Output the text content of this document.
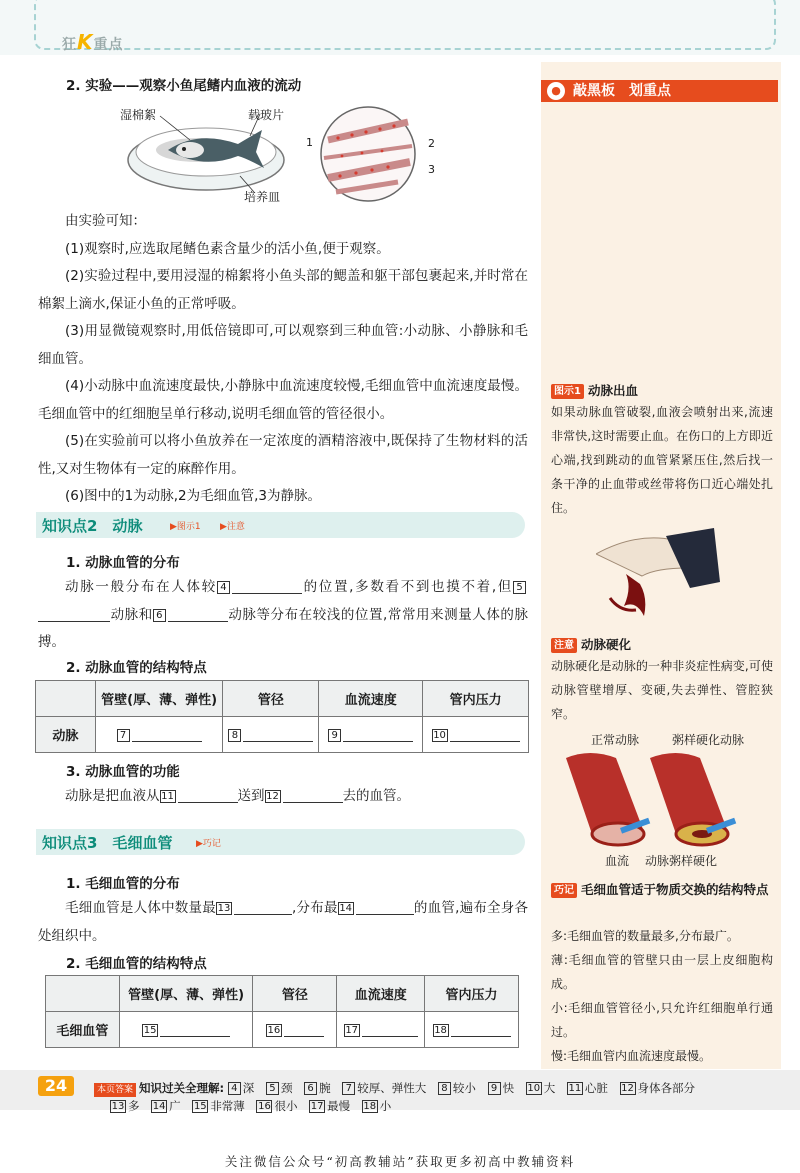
狂K重点
2. 实验——观察小鱼尾鳍内血液的流动
湿棉絮	载玻片
培养皿
1	2
3
由实验可知：
(1)观察时,应选取尾鳍色素含量少的活小鱼,便于观察。
(2)实验过程中,要用浸湿的棉絮将小鱼头部的鳃盖和躯干部包裹起来,并时常在棉絮上滴水,保证小鱼的正常呼吸。
(3)用显微镜观察时,用低倍镜即可,可以观察到三种血管:小动脉、小静脉和毛细血管。
(4)小动脉中血流速度最快,小静脉中血流速度较慢,毛细血管中血流速度最慢。毛细血管中的红细胞呈单行移动,说明毛细血管的管径很小。
(5)在实验前可以将小鱼放养在一定浓度的酒精溶液中,既保持了生物材料的活性,又对生物体有一定的麻醉作用。
(6)图中的1为动脉,2为毛细血管,3为静脉。
知识点2　动脉	▶图示1 ▶注意
1. 动脉血管的分布
动脉一般分布在人体较 4	的位置,多数看不到也摸不着,但 5动脉和 6	动脉等分布在较浅的位置,常常用来测量人体的脉搏。
2. 动脉血管的结构特点
	管壁(厚、薄、弹性)	管径	血流速度	管内压力
动脉	7	8	9	10
3. 动脉血管的功能
动脉是把血液从 11	送到 12	去的血管。
知识点3　毛细血管	▶巧记
1. 毛细血管的分布
毛细血管是人体中数量最 13	,分布最 14	的血管,遍布全身各处组织中。
2. 毛细血管的结构特点
	管壁(厚、薄、弹性)	管径	血流速度	管内压力
毛细血管	15	16	17	18
● 敲黑板　划重点
图示1 动脉出血
如果动脉血管破裂,血液会喷射出来,流速非常快,这时需要止血。在伤口的上方即近心端,找到跳动的血管紧紧压住,然后找一条干净的止血带或丝带将伤口近心端处扎住。
注意 动脉硬化
动脉硬化是动脉的一种非炎症性病变,可使动脉管壁增厚、变硬,失去弹性、管腔狭窄。
正常动脉	粥样硬化动脉
血流 动脉粥样硬化
巧记 毛细血管适于物质交换的结构特点
多:毛细血管的数量最多,分布最广。
薄:毛细血管的管壁只由一层上皮细胞构成。
小:毛细血管管径小,只允许红细胞单行通过。
慢:毛细血管内血流速度最慢。
24	本页答案 知识过关全理解: 4 深 5 颈 6 腕 7 较厚、弹性大 8 较小 9 快 10 大 11 心脏 12 身体各部分
13 多 14 广 15 非常薄 16 很小 17 最慢 18 小
关注微信公众号“初高教辅站”获取更多初高中教辅资料
